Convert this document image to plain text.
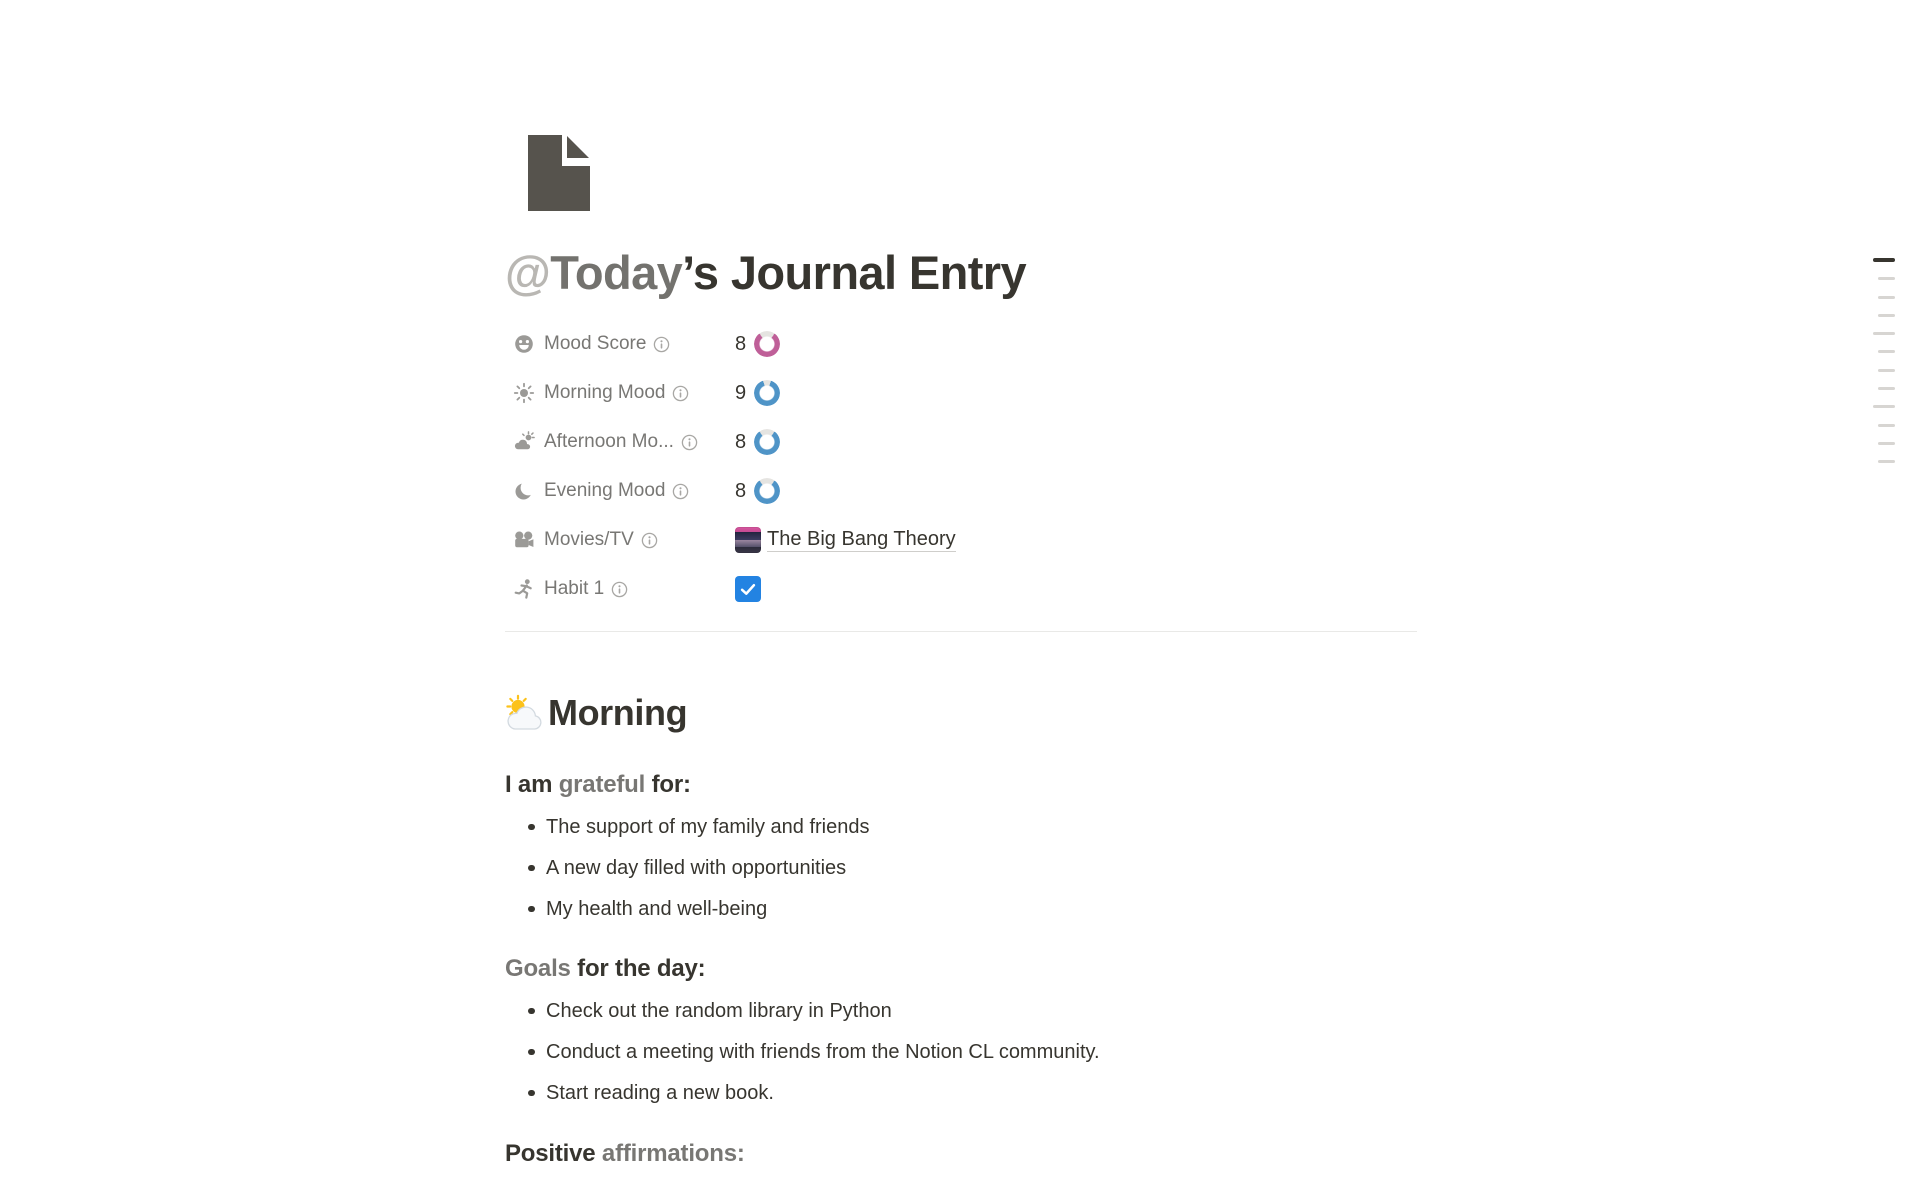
@Today’s Journal Entry
Mood Score	8
Morning Mood	9
Afternoon Mo...	8
Evening Mood	8
Movies/TV	The Big Bang Theory
Habit 1
Morning
I am grateful for:
The support of my family and friends
A new day filled with opportunities
My health and well-being
Goals for the day:
Check out the random library in Python
Conduct a meeting with friends from the Notion CL community.
Start reading a new book.
Positive affirmations:
